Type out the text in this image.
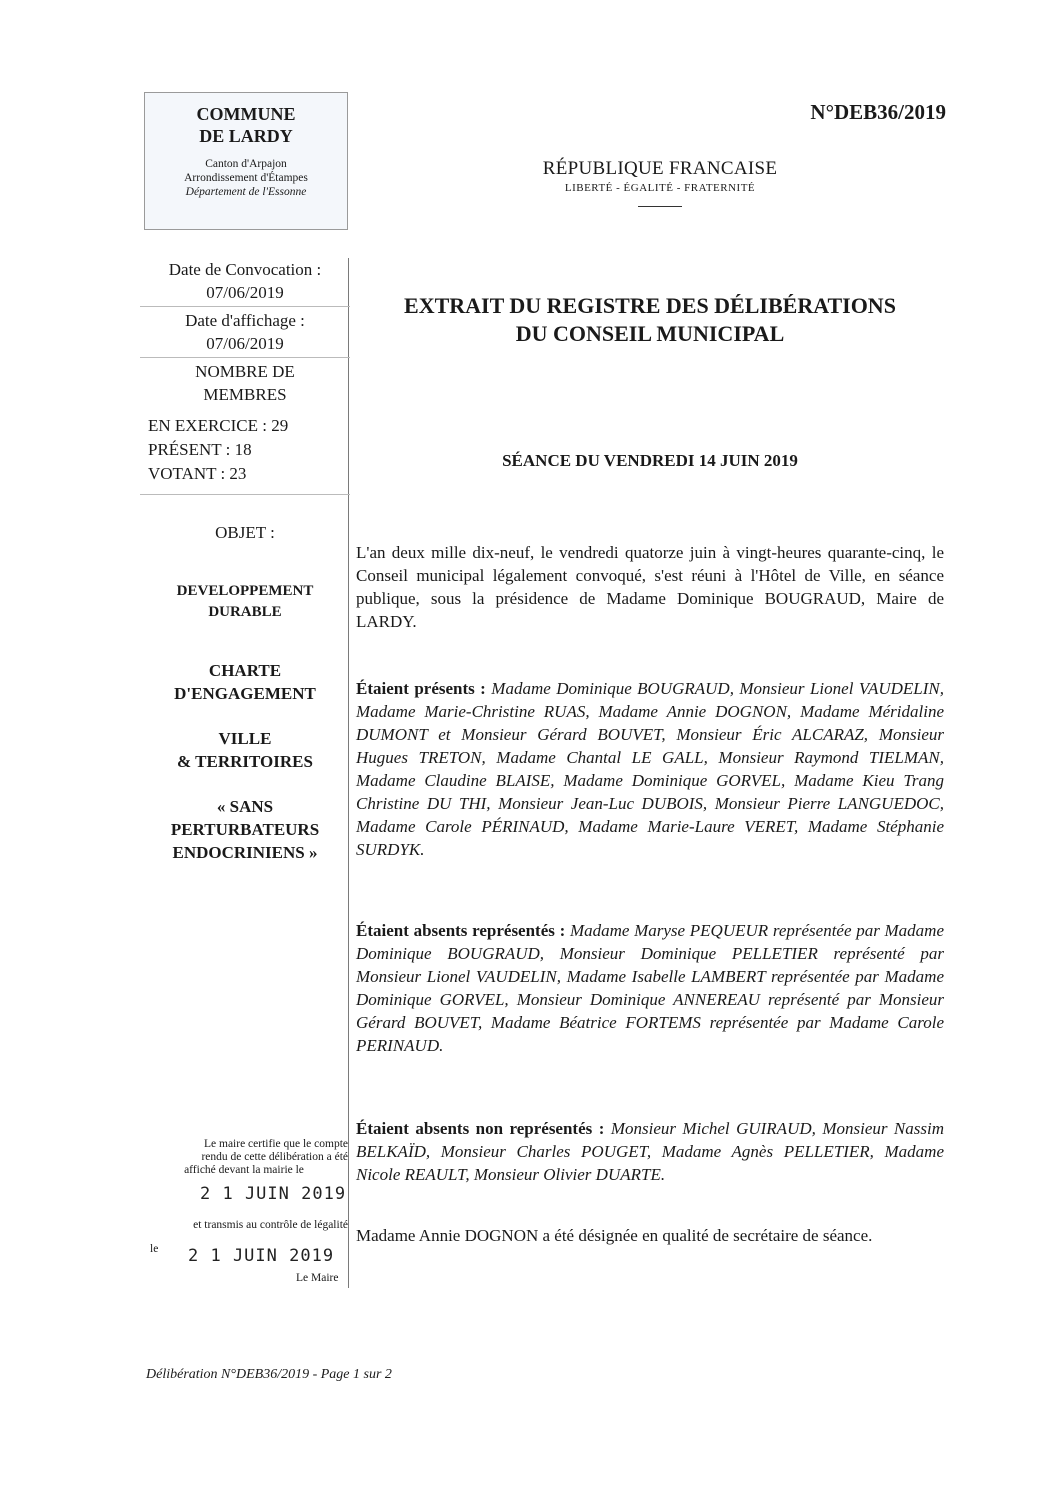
COMMUNE
DE LARDY
Canton d'Arpajon
Arrondissement d'Étampes
Département de l'Essonne
N°DEB36/2019
RÉPUBLIQUE FRANCAISE
LIBERTÉ - ÉGALITÉ - FRATERNITÉ
Date de Convocation :
07/06/2019
Date d'affichage :
07/06/2019
NOMBRE DE
MEMBRES
EN EXERCICE : 29
PRÉSENT : 18
VOTANT : 23
OBJET :
DEVELOPPEMENT
DURABLE
CHARTE
D'ENGAGEMENT
VILLE
& TERRITOIRES
« SANS
PERTURBATEURS
ENDOCRINIENS »
Le maire certifie que le compte
rendu de cette délibération a été
affiché devant la mairie le
2 1 JUIN 2019
et transmis au contrôle de légalité
le 2 1 JUIN 2019
Le Maire
EXTRAIT DU REGISTRE DES DÉLIBÉRATIONS
DU CONSEIL MUNICIPAL
SÉANCE DU VENDREDI 14 JUIN 2019
L'an deux mille dix-neuf, le vendredi quatorze juin à vingt-heures quarante-cinq, le Conseil municipal légalement convoqué, s'est réuni à l'Hôtel de Ville, en séance publique, sous la présidence de Madame Dominique BOUGRAUD, Maire de LARDY.
Étaient présents : Madame Dominique BOUGRAUD, Monsieur Lionel VAUDELIN, Madame Marie-Christine RUAS, Madame Annie DOGNON, Madame Méridaline DUMONT et Monsieur Gérard BOUVET, Monsieur Éric ALCARAZ, Monsieur Hugues TRETON, Madame Chantal LE GALL, Monsieur Raymond TIELMAN, Madame Claudine BLAISE, Madame Dominique GORVEL, Madame Kieu Trang Christine DU THI, Monsieur Jean-Luc DUBOIS, Monsieur Pierre LANGUEDOC, Madame Carole PÉRINAUD, Madame Marie-Laure VERET, Madame Stéphanie SURDYK.
Étaient absents représentés : Madame Maryse PEQUEUR représentée par Madame Dominique BOUGRAUD, Monsieur Dominique PELLETIER représenté par Monsieur Lionel VAUDELIN, Madame Isabelle LAMBERT représentée par Madame Dominique GORVEL, Monsieur Dominique ANNEREAU représenté par Monsieur Gérard BOUVET, Madame Béatrice FORTEMS représentée par Madame Carole PERINAUD.
Étaient absents non représentés : Monsieur Michel GUIRAUD, Monsieur Nassim BELKAÏD, Monsieur Charles POUGET, Madame Agnès PELLETIER, Madame Nicole REAULT, Monsieur Olivier DUARTE.
Madame Annie DOGNON a été désignée en qualité de secrétaire de séance.
Délibération N°DEB36/2019 - Page 1 sur 2
